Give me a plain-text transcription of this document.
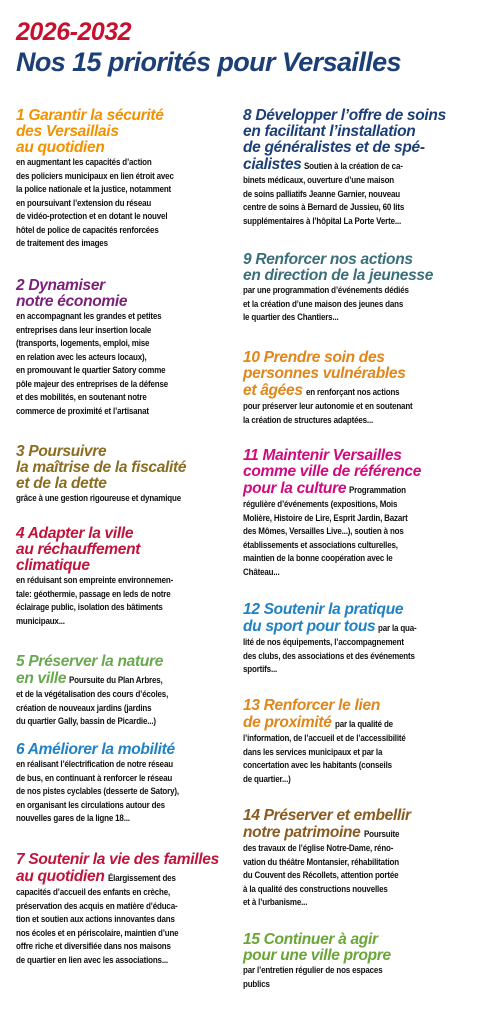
2026-2032
Nos 15 priorités pour Versailles
1 Garantir la sécurité
des Versaillais
au quotidien
en augmentant les capacités d’action
des policiers municipaux en lien étroit avec
la police nationale et la justice, notamment
en poursuivant l’extension du réseau
de vidéo-protection et en dotant le nouvel
hôtel de police de capacités renforcées
de traitement des images
2 Dynamiser
notre économie
en accompagnant les grandes et petites
entreprises dans leur insertion locale
(transports, logements, emploi, mise
en relation avec les acteurs locaux),
en promouvant le quartier Satory comme
pôle majeur des entreprises de la défense
et des mobilités, en soutenant notre
commerce de proximité et l’artisanat
3 Poursuivre
la maîtrise de la fiscalité
et de la dette
grâce à une gestion rigoureuse et dynamique
4 Adapter la ville
au réchauffement
climatique
en réduisant son empreinte environnemen-
tale: géothermie, passage en leds de notre
éclairage public, isolation des bâtiments
municipaux...
5 Préserver la nature
en ville Poursuite du Plan Arbres,
et de la végétalisation des cours d’écoles,
création de nouveaux jardins (jardins
du quartier Gally, bassin de Picardie...)
6 Améliorer la mobilité
en réalisant l’électrification de notre réseau
de bus, en continuant à renforcer le réseau
de nos pistes cyclables (desserte de Satory),
en organisant les circulations autour des
nouvelles gares de la ligne 18...
7 Soutenir la vie des familles
au quotidien Élargissement des
capacités d’accueil des enfants en crèche,
préservation des acquis en matière d’éduca-
tion et soutien aux actions innovantes dans
nos écoles et en périscolaire, maintien d’une
offre riche et diversifiée dans nos maisons
de quartier en lien avec les associations...
8 Développer l’offre de soins
en facilitant l’installation
de généralistes et de spé-
cialistes Soutien à la création de ca-
binets médicaux, ouverture d’une maison
de soins palliatifs Jeanne Garnier, nouveau
centre de soins à Bernard de Jussieu, 60 lits
supplémentaires à l’hôpital La Porte Verte...
9 Renforcer nos actions
en direction de la jeunesse
par une programmation d’événements dédiés
et la création d’une maison des jeunes dans
le quartier des Chantiers...
10 Prendre soin des
personnes vulnérables
et âgées en renforçant nos actions
pour préserver leur autonomie et en soutenant
la création de structures adaptées...
11 Maintenir Versailles
comme ville de référence
pour la culture Programmation
régulière d’événements (expositions, Mois
Molière, Histoire de Lire, Esprit Jardin, Bazart
des Mômes, Versailles Live...), soutien à nos
établissements et associations culturelles,
maintien de la bonne coopération avec le
Château...
12 Soutenir la pratique
du sport pour tous par la qua-
lité de nos équipements, l’accompagnement
des clubs, des associations et des événements
sportifs...
13 Renforcer le lien
de proximité par la qualité de
l’information, de l’accueil et de l’accessibilité
dans les services municipaux et par la
concertation avec les habitants (conseils
de quartier...)
14 Préserver et embellir
notre patrimoine Poursuite
des travaux de l’église Notre-Dame, réno-
vation du théâtre Montansier, réhabilitation
du Couvent des Récollets, attention portée
à la qualité des constructions nouvelles
et à l’urbanisme...
15 Continuer à agir
pour une ville propre
par l’entretien régulier de nos espaces
publics
